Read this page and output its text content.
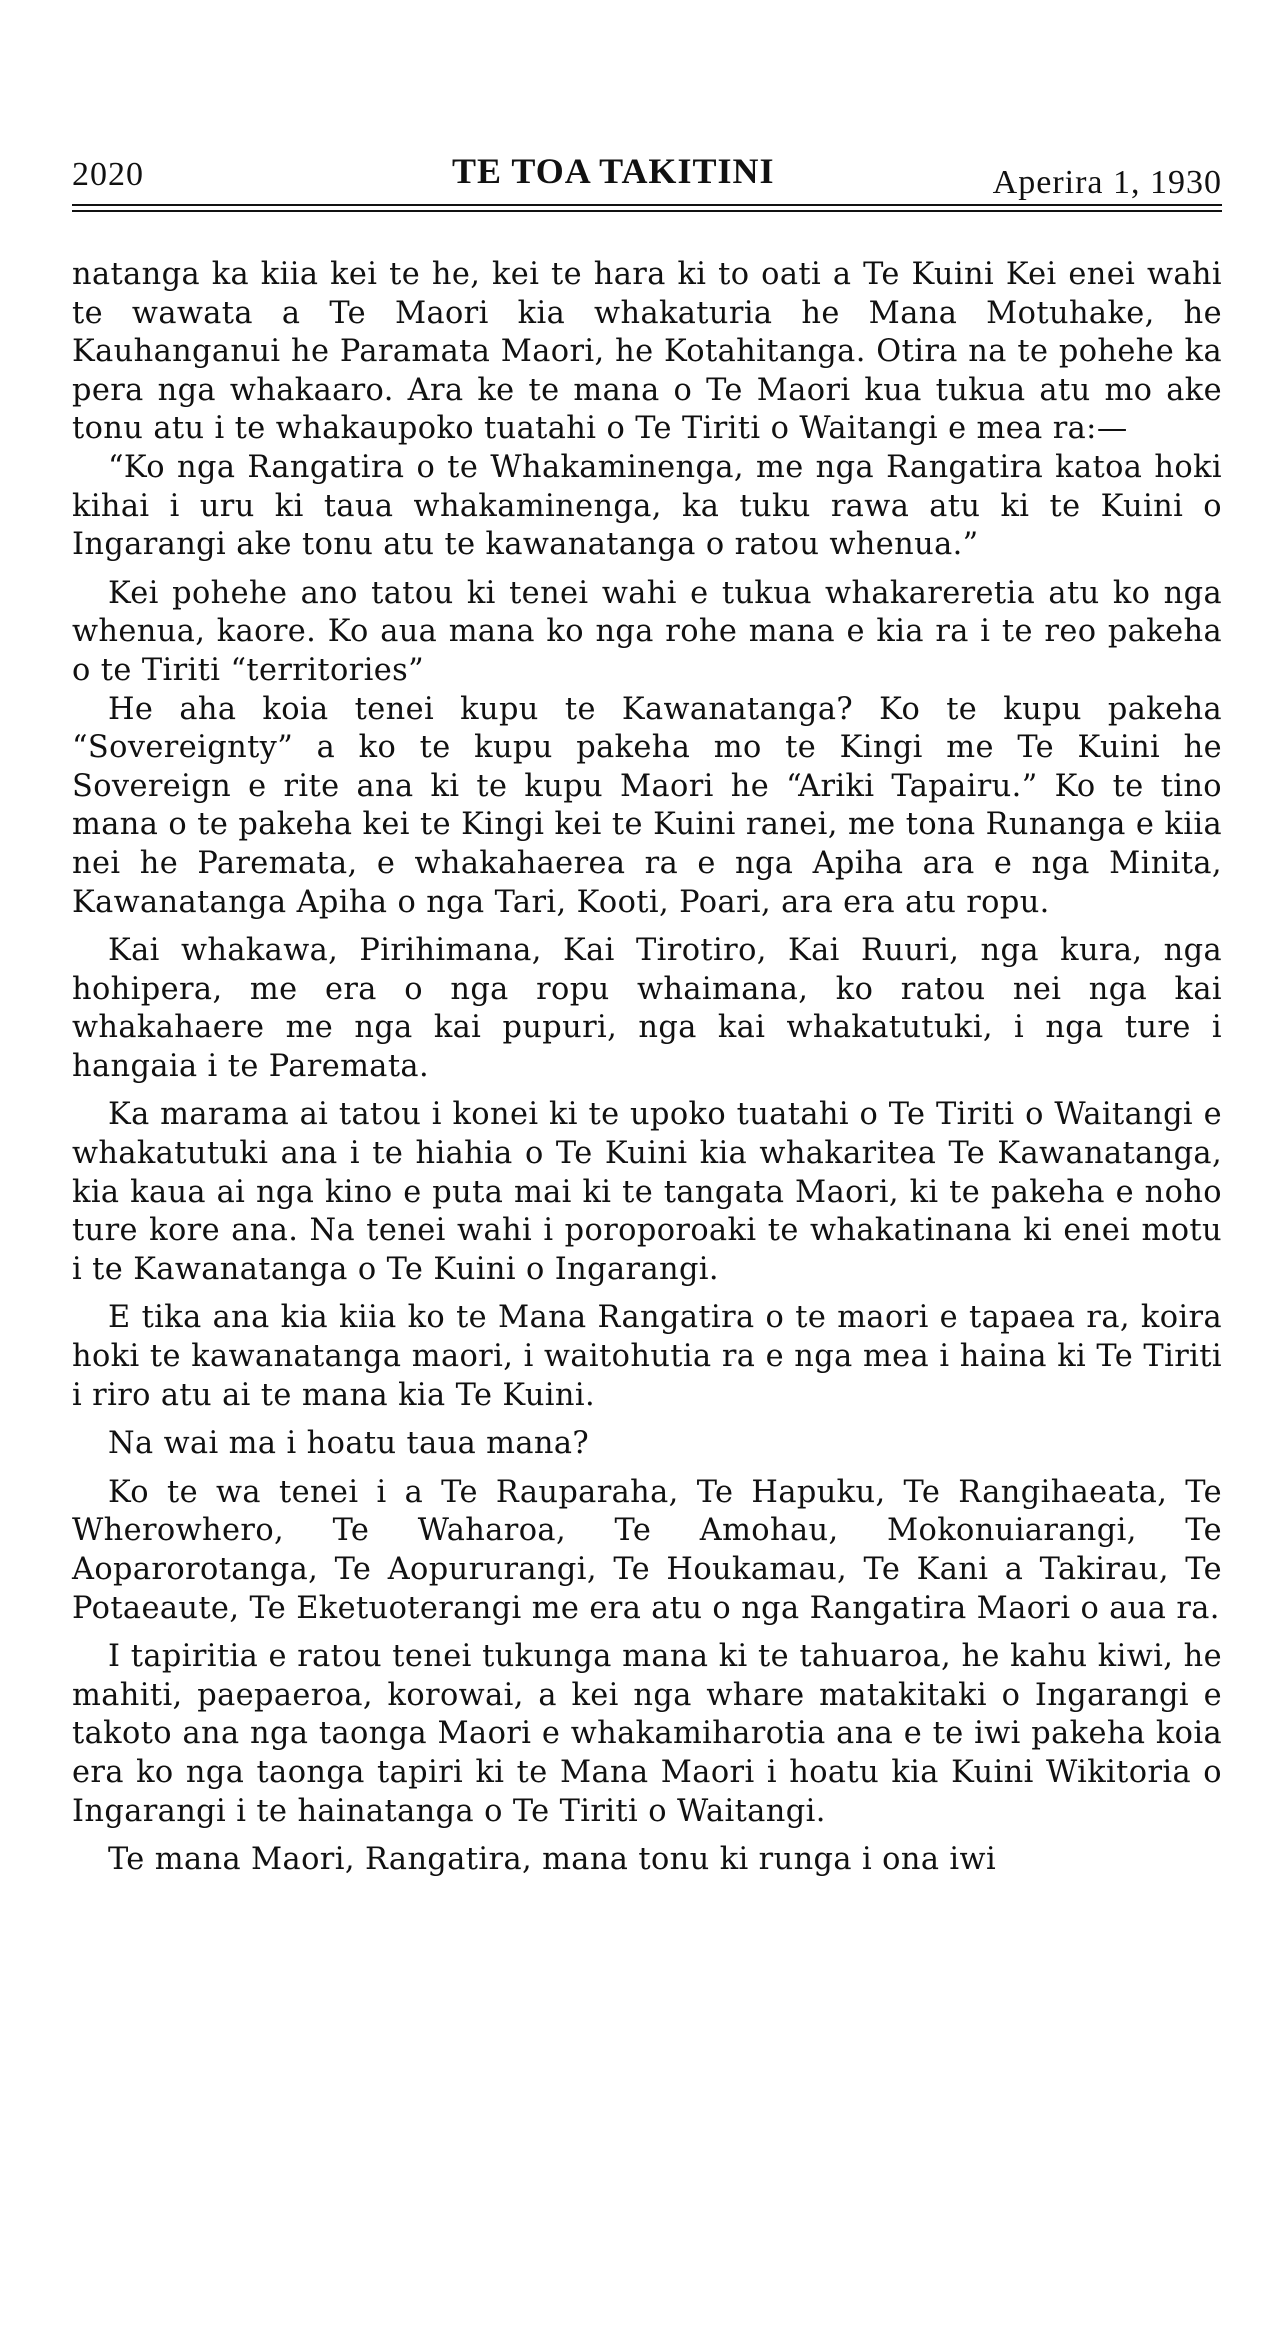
2020	TE TOA TAKITINI	Aperira 1, 1930

natanga ka kiia kei te he, kei te hara ki to oati a Te Kuini Kei enei wahi te wawata a Te Maori kia whakaturia he Mana Motuhake, he Kauhanganui he Paramata Maori, he Kotahitanga. Otira na te pohehe ka pera nga whakaaro. Ara ke te mana o Te Maori kua tukua atu mo ake tonu atu i te whakaupoko tuatahi o Te Tiriti o Waitangi e mea ra:—

“Ko nga Rangatira o te Whakaminenga, me nga Rangatira katoa hoki kihai i uru ki taua whakaminenga, ka tuku rawa atu ki te Kuini o Ingarangi ake tonu atu te kawanatanga o ratou whenua.”

Kei pohehe ano tatou ki tenei wahi e tukua whakareretia atu ko nga whenua, kaore. Ko aua mana ko nga rohe mana e kia ra i te reo pakeha o te Tiriti “territories”

He aha koia tenei kupu te Kawanatanga? Ko te kupu pakeha “Sovereignty” a ko te kupu pakeha mo te Kingi me Te Kuini he Sovereign e rite ana ki te kupu Maori he “Ariki Tapairu.” Ko te tino mana o te pakeha kei te Kingi kei te Kuini ranei, me tona Runanga e kiia nei he Paremata, e whakahaerea ra e nga Apiha ara e nga Minita, Kawanatanga Apiha o nga Tari, Kooti, Poari, ara era atu ropu.

Kai whakawa, Pirihimana, Kai Tirotiro, Kai Ruuri, nga kura, nga hohipera, me era o nga ropu whaimana, ko ratou nei nga kai whakahaere me nga kai pupuri, nga kai whakatutuki, i nga ture i hangaia i te Paremata.

Ka marama ai tatou i konei ki te upoko tuatahi o Te Tiriti o Waitangi e whakatutuki ana i te hiahia o Te Kuini kia whakaritea Te Kawanatanga, kia kaua ai nga kino e puta mai ki te tangata Maori, ki te pakeha e noho ture kore ana. Na tenei wahi i poroporoaki te whakatinana ki enei motu i te Kawanatanga o Te Kuini o Ingarangi.

E tika ana kia kiia ko te Mana Rangatira o te maori e tapaea ra, koira hoki te kawanatanga maori, i waitohutia ra e nga mea i haina ki Te Tiriti i riro atu ai te mana kia Te Kuini.

Na wai ma i hoatu taua mana?

Ko te wa tenei i a Te Rauparaha, Te Hapuku, Te Rangihaeata, Te Wherowhero, Te Waharoa, Te Amohau, Mokonuiarangi, Te Aoparorotanga, Te Aopururangi, Te Houkamau, Te Kani a Takirau, Te Potaeaute, Te Eketuoterangi me era atu o nga Rangatira Maori o aua ra.

I tapiritia e ratou tenei tukunga mana ki te tahuaroa, he kahu kiwi, he mahiti, paepaeroa, korowai, a kei nga whare matakitaki o Ingarangi e takoto ana nga taonga Maori e whakamiharotia ana e te iwi pakeha koia era ko nga taonga tapiri ki te Mana Maori i hoatu kia Kuini Wikitoria o Ingarangi i te hainatanga o Te Tiriti o Waitangi.

Te mana Maori, Rangatira, mana tonu ki runga i ona iwi
